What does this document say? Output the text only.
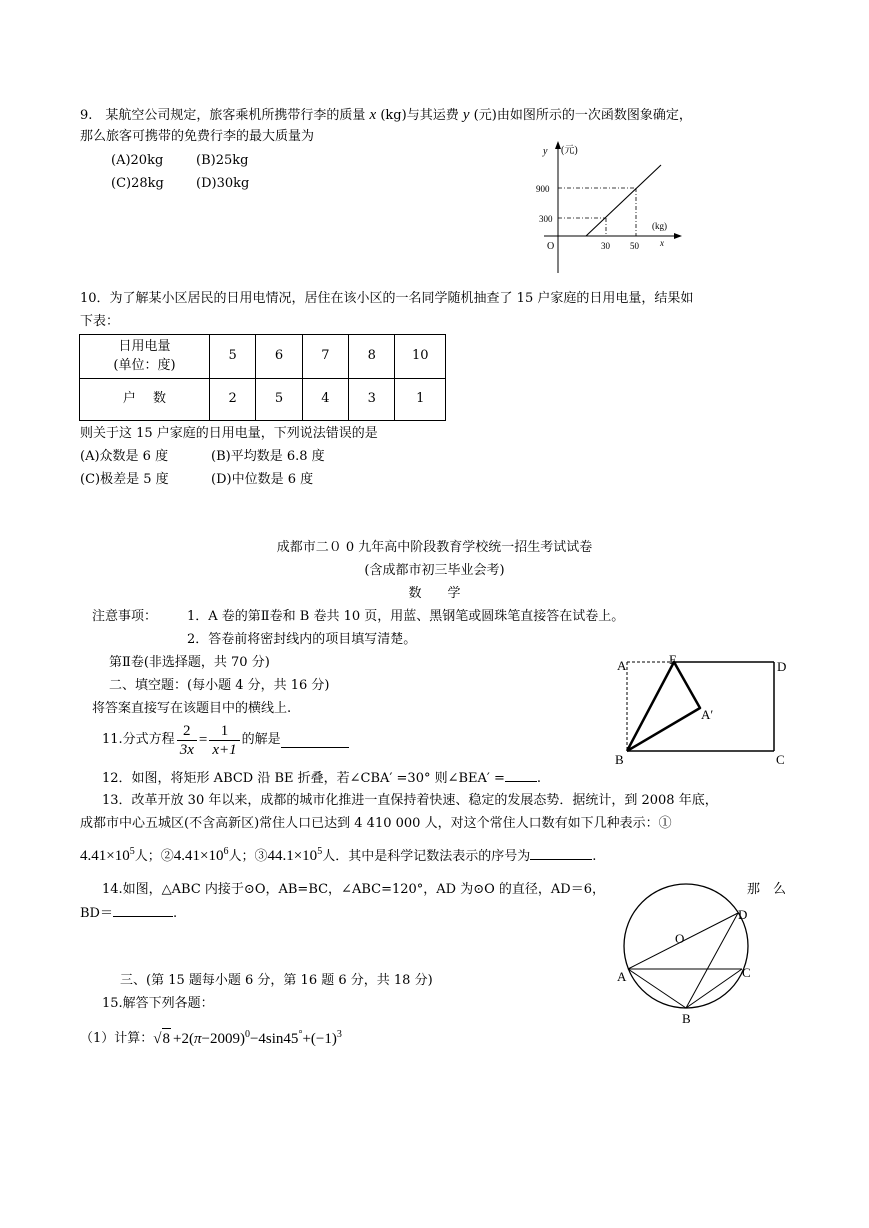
9.　某航空公司规定，旅客乘机所携带行李的质量 x (kg)与其运费 y (元)由如图所示的一次函数图象确定，
那么旅客可携带的免费行李的最大质量为
(A)20kg	(B)25kg
(C)28kg (D)30kg
y (元)
900
300
(kg)
O	30 50 x
10．为了解某小区居民的日用电情况，居住在该小区的一名同学随机抽查了 15 户家庭的日用电量，结果如
下表：
日用电量
(单位：度)	5	6	7	8	10
户　 数	2	5	4	3	1
则关于这 15 户家庭的日用电量，下列说法错误的是
(A)众数是 6 度	(B)平均数是 6.8 度
(C)极差是 5 度	(D)中位数是 6 度
成都市二０ 0 九年高中阶段教育学校统一招生考试试卷
(含成都市初三毕业会考)
数　　学
注意事项： 1．A 卷的第Ⅱ卷和 B 卷共 10 页，用蓝、黑钢笔或圆珠笔直接答在试卷上。
2．答卷前将密封线内的项目填写清楚。
第Ⅱ卷(非选择题，共 70 分)
二、填空题：(每小题 4 分，共 16 分)
将答案直接写在该题目中的横线上.
11.分式方程 $\frac{2}{3x} = \frac{1}{x+1}$ 的解是
A	E	D
A′
B	C
12．如图，将矩形 ABCD 沿 BE 折叠，若∠CBA′ =30° 则∠BEA′ = .
13．改革开放 30 年以来，成都的城市化推进一直保持着快速、稳定的发展态势．据统计，到 2008 年底，
成都市中心五城区(不含高新区)常住人口已达到 4 410 000 人，对这个常住人口数有如下几种表示：①
$4.41\times 10^5$人；$②4.41\times 10^6$人；$③44.1\times 10^5$人．其中是科学记数法表示的序号为	.
14.如图，△ABC 内接于⊙O，AB=BC，∠ABC=120°，AD 为⊙O 的直径，AD＝6，	那　么
BD＝	.
O
A	C
D
B
三、(第 15 题每小题 6 分，第 16 题 6 分，共 18 分)
15.解答下列各题：
（1）计算： √ 8 +2( $\pi -2009)^0 -4\sin 45^\circ +(-1)^3$
